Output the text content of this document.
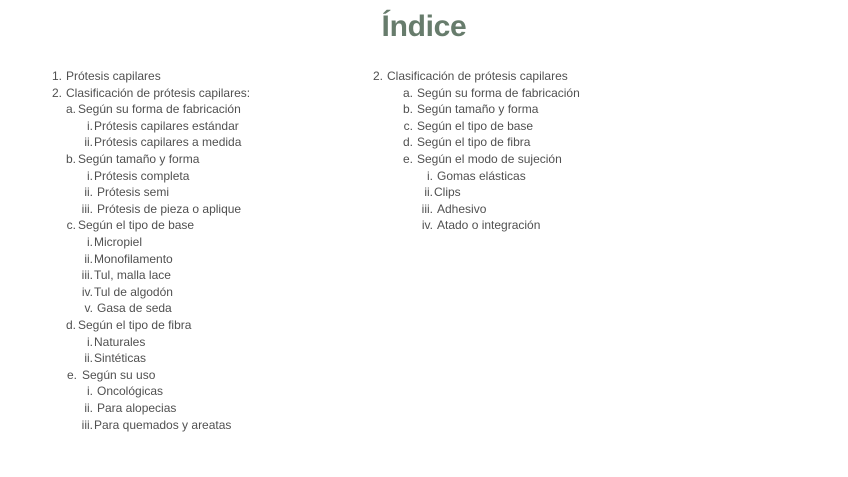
Índice
1. Prótesis capilares
2. Clasificación de prótesis capilares:
a. Según su forma de fabricación
i. Prótesis capilares estándar
ii. Prótesis capilares a medida
b. Según tamaño y forma
i. Prótesis completa
ii. Prótesis semi
iii. Prótesis de pieza o aplique
c. Según el tipo de base
i. Micropiel
ii. Monofilamento
iii. Tul, malla lace
iv. Tul de algodón
v. Gasa de seda
d. Según el tipo de fibra
i. Naturales
ii. Sintéticas
e. Según su uso
i. Oncológicas
ii. Para alopecias
iii. Para quemados y areatas
2. Clasificación de prótesis capilares
a. Según su forma de fabricación
b. Según tamaño y forma
c. Según el tipo de base
d. Según el tipo de fibra
e. Según el modo de sujeción
i. Gomas elásticas
ii. Clips
iii. Adhesivo
iv. Atado o integración
